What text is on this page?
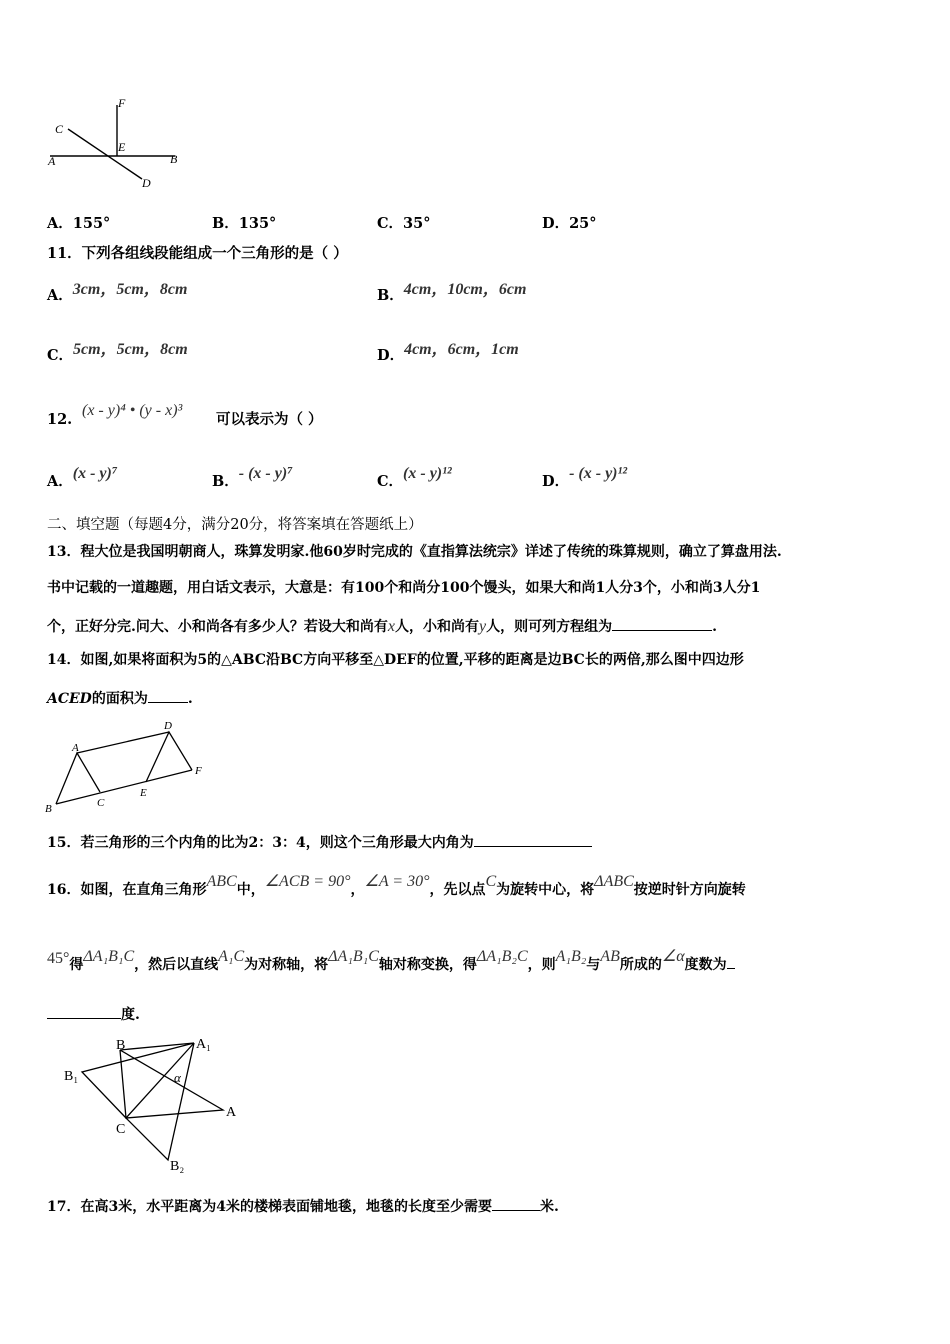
A	B
C
D
E
F
A．155°	B．135°	C．35°	D．25°
11．下列各组线段能组成一个三角形的是（ ）
A．3cm，5cm，8cm	B．4cm，10cm，6cm
C．5cm，5cm，8cm	D．4cm，6cm，1cm
12.
(x - y)⁴ • (y - x)³
可以表示为（ ）
A．(x - y)⁷	B．- (x - y)⁷	C．(x - y)¹²	D．- (x - y)¹²
二、填空题（每题4分，满分20分，将答案填在答题纸上）
13．程大位是我国明朝商人，珠算发明家.他60岁时完成的《直指算法统宗》详述了传统的珠算规则，确立了算盘用法.
书中记载的一道趣题，用白话文表示，大意是：有100个和尚分100个馒头，如果大和尚1人分3个，小和尚3人分1
个，正好分完.问大、小和尚各有多少人？若设大和尚有x人，小和尚有y人，则可列方程组为	.
14．如图,如果将面积为5的△ABC沿BC方向平移至△DEF的位置,平移的距离是边BC长的两倍,那么图中四边形
ACED的面积为	.
A
B	C
D
E
F
15．若三角形的三个内角的比为2：3：4，则这个三角形最大内角为
16．如图，在直角三角形ABC中，∠ACB = 90°，∠A = 30°，先以点C为旋转中心，将ΔABC按逆时针方向旋转
45°得ΔA₁B₁C，然后以直线A₁C为对称轴，将ΔA₁B₁C轴对称变换，得ΔA₁B₂C，则A₁B₂与AB所成的∠α度数为
度.
B	A₁
B₁	α
A
C
B₂
17．在高3米，水平距离为4米的楼梯表面铺地毯，地毯的长度至少需要	米.
